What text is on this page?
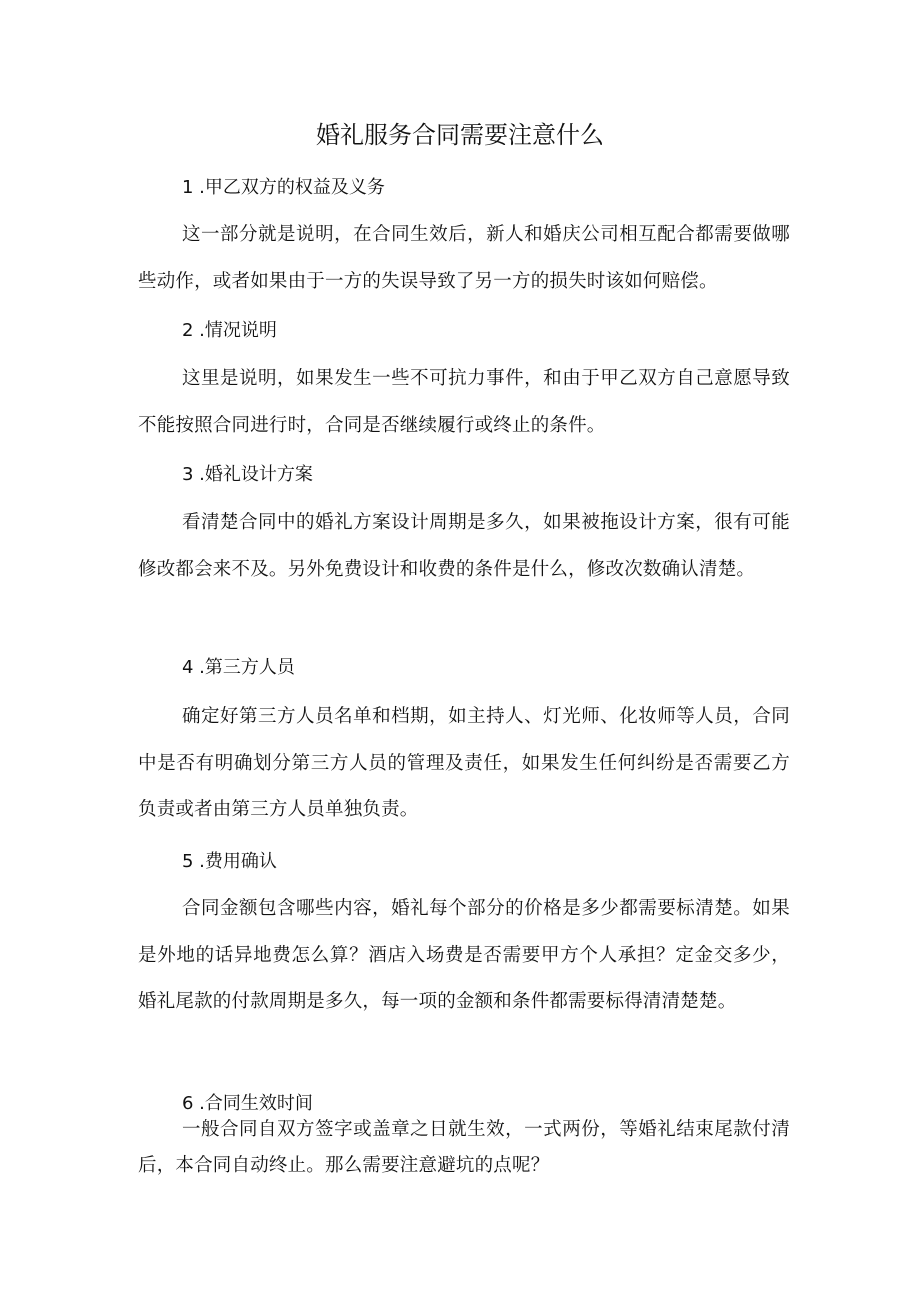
婚礼服务合同需要注意什么
1 .甲乙双方的权益及义务
这一部分就是说明，在合同生效后，新人和婚庆公司相互配合都需要做哪些动作，或者如果由于一方的失误导致了另一方的损失时该如何赔偿。
2 .情况说明
这里是说明，如果发生一些不可抗力事件，和由于甲乙双方自己意愿导致不能按照合同进行时，合同是否继续履行或终止的条件。
3 .婚礼设计方案
看清楚合同中的婚礼方案设计周期是多久，如果被拖设计方案，很有可能修改都会来不及。另外免费设计和收费的条件是什么，修改次数确认清楚。
4 .第三方人员
确定好第三方人员名单和档期，如主持人、灯光师、化妆师等人员，合同中是否有明确划分第三方人员的管理及责任，如果发生任何纠纷是否需要乙方负责或者由第三方人员单独负责。
5 .费用确认
合同金额包含哪些内容，婚礼每个部分的价格是多少都需要标清楚。如果是外地的话异地费怎么算？酒店入场费是否需要甲方个人承担？定金交多少，婚礼尾款的付款周期是多久，每一项的金额和条件都需要标得清清楚楚。
6 .合同生效时间
一般合同自双方签字或盖章之日就生效，一式两份，等婚礼结束尾款付清后，本合同自动终止。那么需要注意避坑的点呢？
